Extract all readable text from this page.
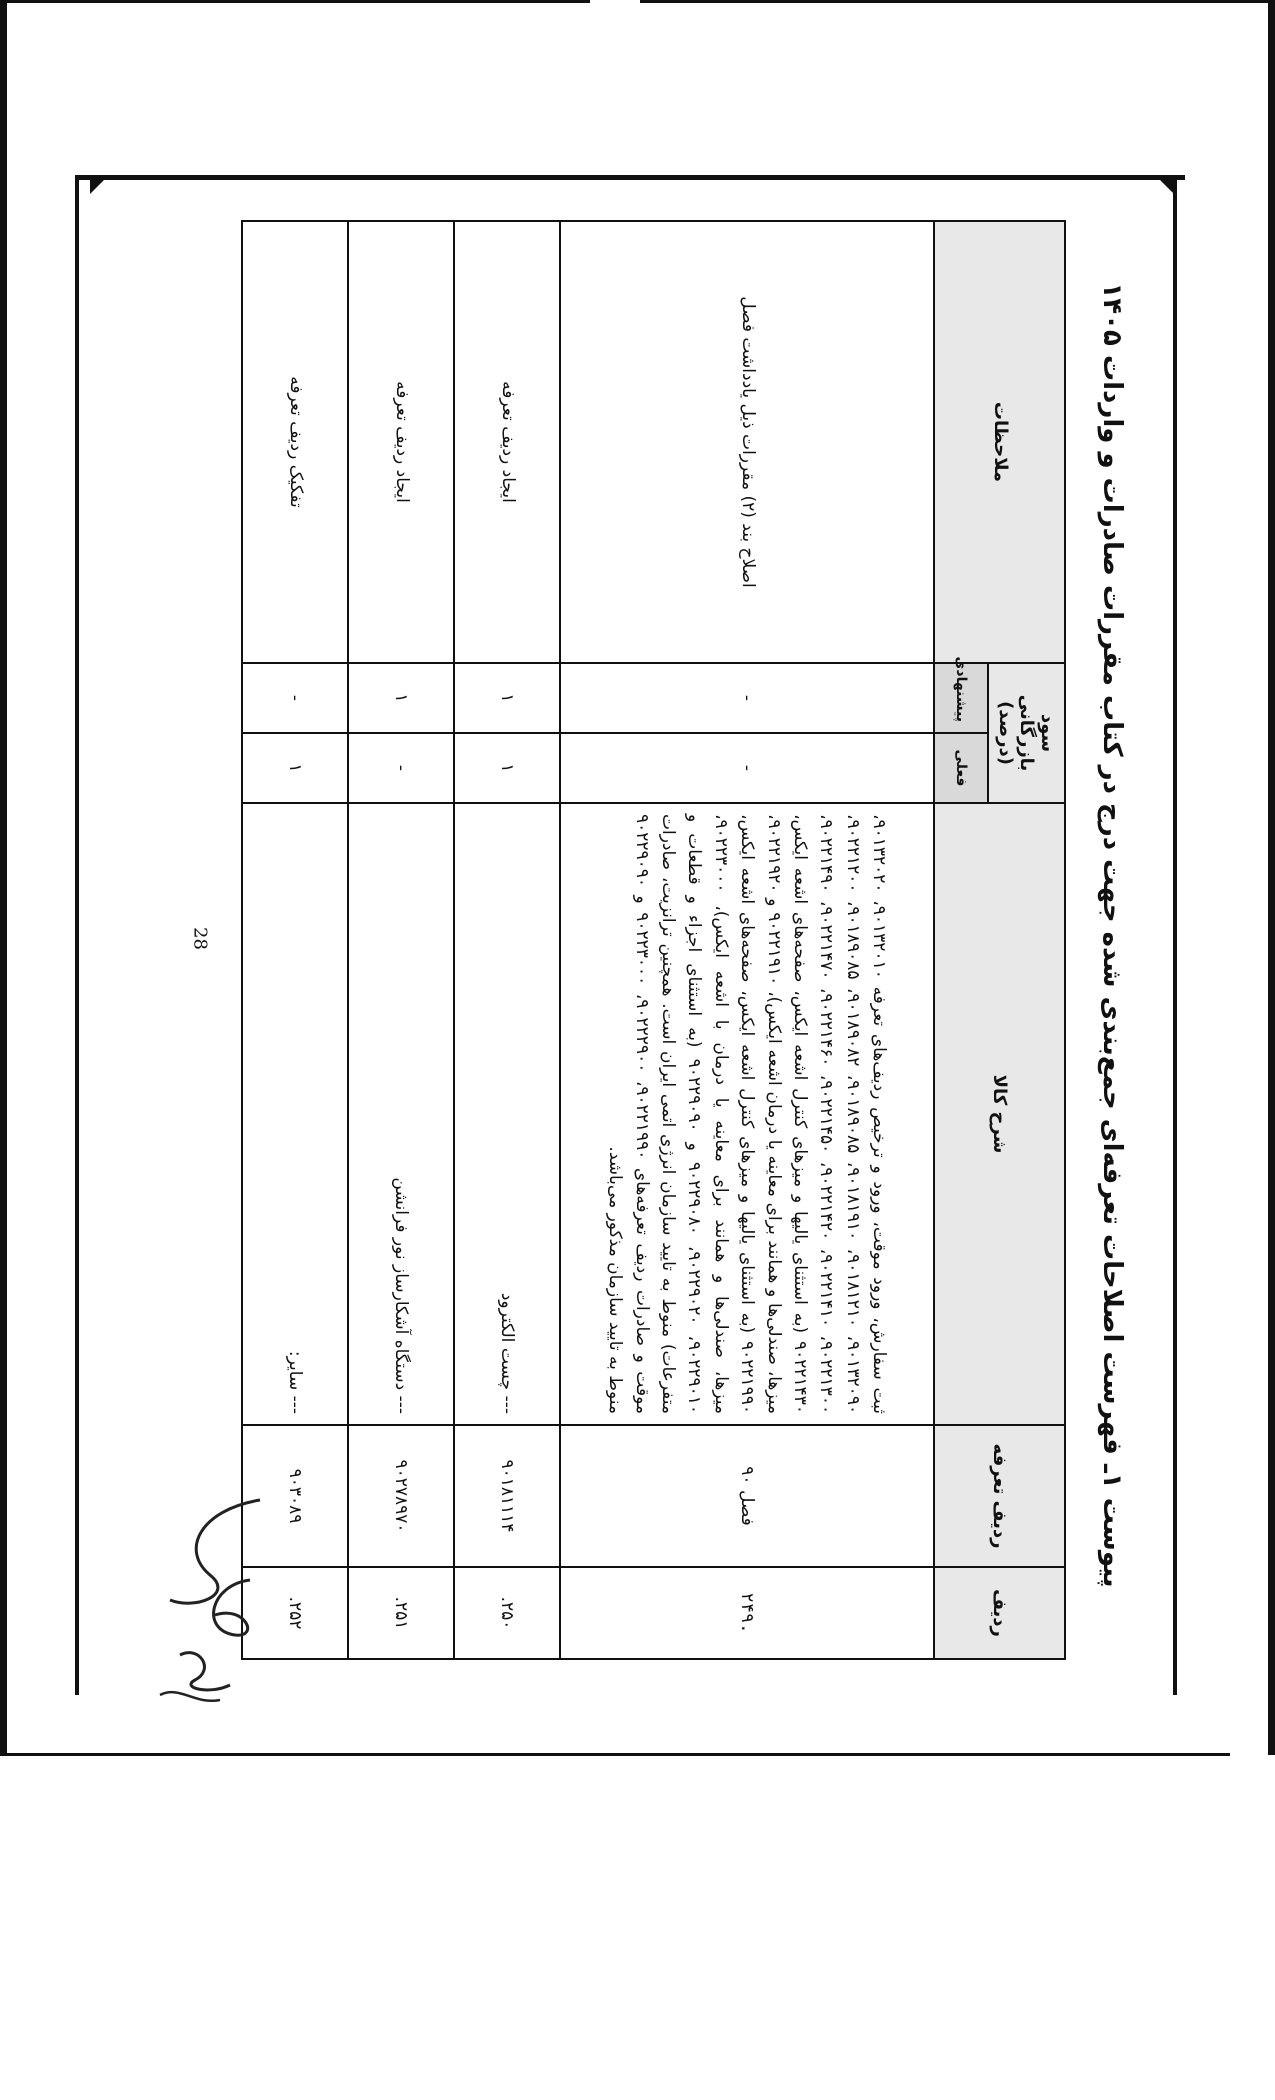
28
پیوست ۱ـ فهرست اصلاحات تعرفه‌ای جمع‌بندی شده جهت درج در کتاب مقررات صادرات و واردات ۱۴۰۵
ردیف	ردیف تعرفه	شرح کالا	سود بازرگانی (درصد)		ملاحظات
			فعلی	پیشنهادی	
۲۴۹.	فصل ۹۰	ثبت سفارش، ورود موقت، ورود و ترخیص ردیف‌های تعرفه ۹۰۱۳۲۰۱۰، ۹۰۱۳۲۰۲۰، ۹۰۱۳۲۰۹۰، ۹۰۱۸۱۲۱۰، ۹۰۱۸۱۹۱۰، ۹۰۱۸۹۰۸۵، ۹۰۱۸۹۰۸۲، ۹۰۱۸۹۰۸۵، ۹۰۲۲۱۲۰۰، ۹۰۲۲۱۳۰۰، ۹۰۲۲۱۴۱۰، ۹۰۲۲۱۴۲۰، ۹۰۲۲۱۴۵۰، ۹۰۲۲۱۴۶۰، ۹۰۲۲۱۴۷۰، ۹۰۲۲۱۴۹۰، ۹۰۲۲۱۴۳۰ (به استثنای یالیها و میزهای کنترل اشعه ایکس، صفحه‌های اشعه ایکس، میزها، صندلی‌ها و همانند برای معاینه یا درمان اشعه ایکس)، ۹۰۲۲۱۹۱۰ و ۹۰۲۲۱۹۲۰، ۹۰۲۲۱۹۹۰ (به استثنای یالیها و میزهای کنترل اشعه ایکس، صفحه‌های اشعه ایکس، میزها، صندلی‌ها و همانند برای معاینه یا درمان با اشعه ایکس)، ۹۰۲۲۳۰۰۰، ۹۰۲۲۹۰۱۰، ۹۰۲۲۹۰۲۰، ۹۰۲۲۹۰۸۰ و ۹۰۲۲۹۰۹۰ (به استثنای اجزاء و قطعات و متفرعات) منوط به تایید سازمان انرژی اتمی ایران است. همچنین ترانزیت، صادرات موقت و صادرات ردیف تعرفه‌های ۹۰۲۲۱۹۹۰، ۹۰۲۲۲۹۰۰، ۹۰۲۲۳۰۰۰ و ۹۰۲۲۹۰۹۰ منوط به تایید سازمان مذکور می‌باشد.	-	-	اصلاح بند (۲) مقررات ذیل یادداشت فصل
۲۵۰.	۹۰۱۸۱۱۱۴	--- چست الکترود	۱	۱	ایجاد ردیف تعرفه
۲۵۱.	۹۰۲۷۸۹۷۰	--- دستگاه آشکارساز نور فرانشن	-	۱	ایجاد ردیف تعرفه
۲۵۲.	۹۰۳۰۸۹	--- سایر:	۱	-	تفکیک ردیف تعرفه
